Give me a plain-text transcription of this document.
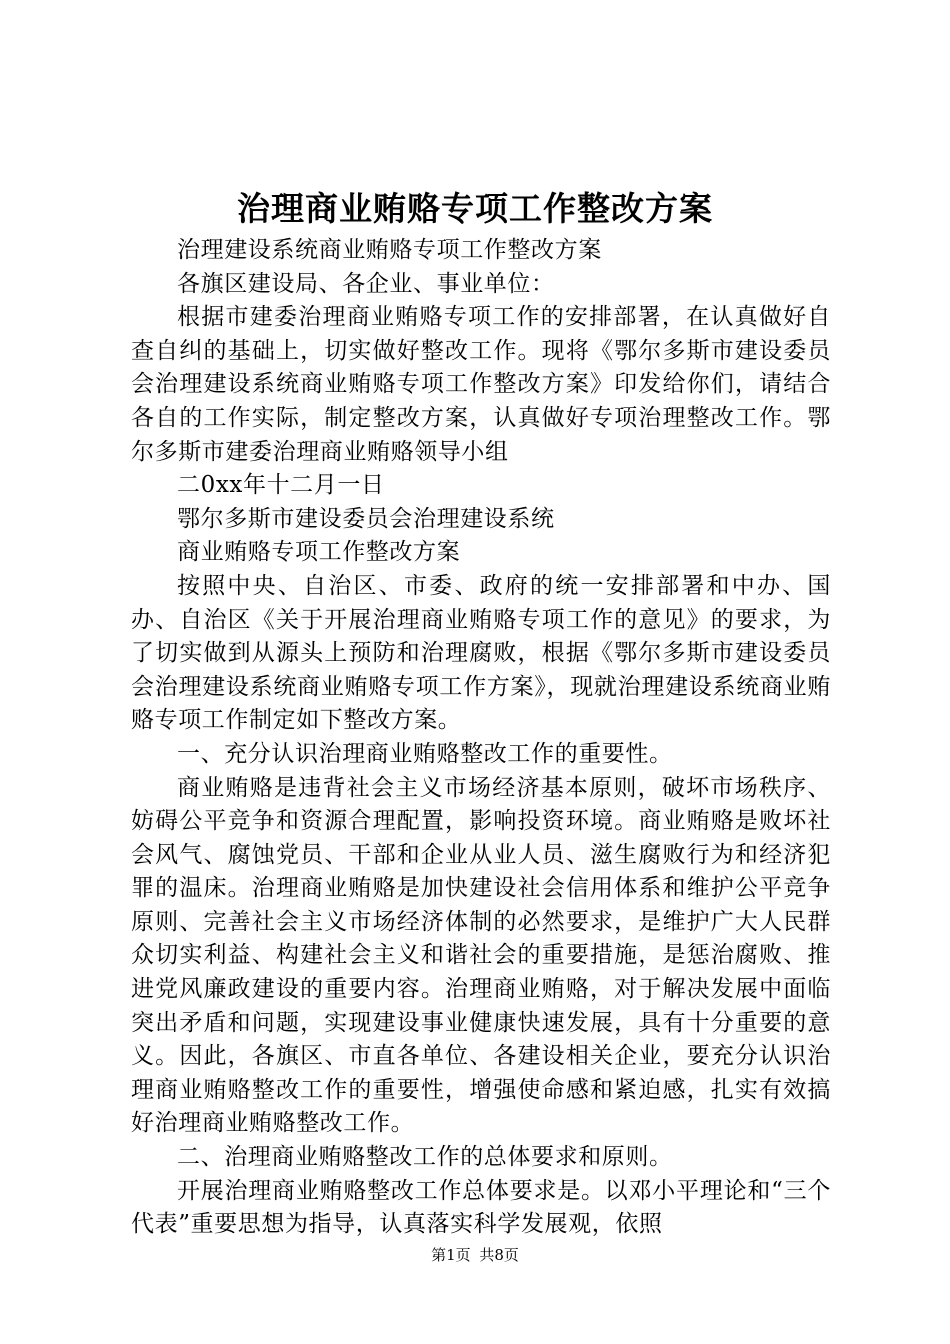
治理商业贿赂专项工作整改方案

治理建设系统商业贿赂专项工作整改方案

各旗区建设局、各企业、事业单位：

根据市建委治理商业贿赂专项工作的安排部署，在认真做好自查自纠的基础上，切实做好整改工作。现将《鄂尔多斯市建设委员会治理建设系统商业贿赂专项工作整改方案》印发给你们，请结合各自的工作实际，制定整改方案，认真做好专项治理整改工作。鄂尔多斯市建委治理商业贿赂领导小组

二0xx年十二月一日

鄂尔多斯市建设委员会治理建设系统

商业贿赂专项工作整改方案

按照中央、自治区、市委、政府的统一安排部署和中办、国办、自治区《关于开展治理商业贿赂专项工作的意见》的要求，为了切实做到从源头上预防和治理腐败，根据《鄂尔多斯市建设委员会治理建设系统商业贿赂专项工作方案》，现就治理建设系统商业贿赂专项工作制定如下整改方案。

一、充分认识治理商业贿赂整改工作的重要性。

商业贿赂是违背社会主义市场经济基本原则，破坏市场秩序、妨碍公平竞争和资源合理配置，影响投资环境。商业贿赂是败坏社会风气、腐蚀党员、干部和企业从业人员、滋生腐败行为和经济犯罪的温床。治理商业贿赂是加快建设社会信用体系和维护公平竞争原则、完善社会主义市场经济体制的必然要求，是维护广大人民群众切实利益、构建社会主义和谐社会的重要措施，是惩治腐败、推进党风廉政建设的重要内容。治理商业贿赂，对于解决发展中面临突出矛盾和问题，实现建设事业健康快速发展，具有十分重要的意义。因此，各旗区、市直各单位、各建设相关企业，要充分认识治理商业贿赂整改工作的重要性，增强使命感和紧迫感，扎实有效搞好治理商业贿赂整改工作。

二、治理商业贿赂整改工作的总体要求和原则。

开展治理商业贿赂整改工作总体要求是。以邓小平理论和“三个代表”重要思想为指导，认真落实科学发展观，依照

第1页 共8页
